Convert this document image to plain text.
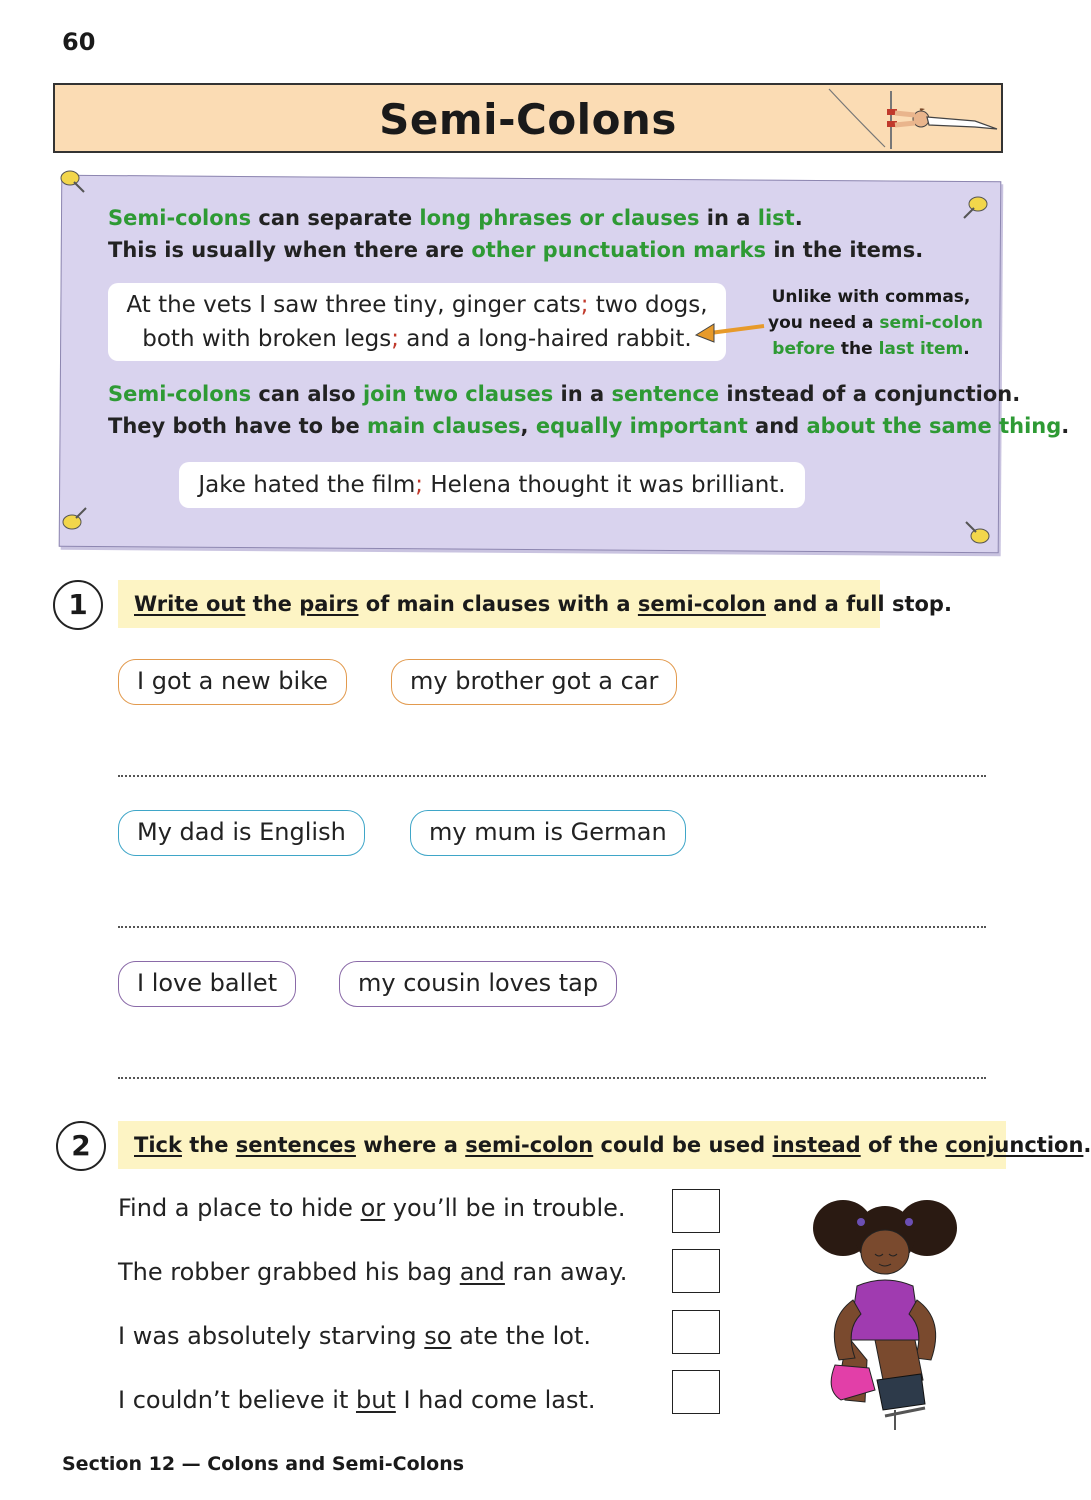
60
Semi-Colons
Semi-colons can separate long phrases or clauses in a list.
This is usually when there are other punctuation marks in the items.
At the vets I saw three tiny, ginger cats; two dogs,
both with broken legs; and a long-haired rabbit.
Unlike with commas,
you need a semi-colon
before the last item.
Semi-colons can also join two clauses in a sentence instead of a conjunction.
They both have to be main clauses, equally important and about the same thing.
Jake hated the film; Helena thought it was brilliant.
Write out the pairs of main clauses with a semi-colon and a full stop.
1
I got a new bike	my brother got a car
My dad is English	my mum is German
I love ballet	my cousin loves tap
Tick the sentences where a semi-colon could be used instead of the conjunction.
2
Find a place to hide or you’ll be in trouble.
The robber grabbed his bag and ran away.
I was absolutely starving so ate the lot.
I couldn’t believe it but I had come last.
Section 12 — Colons and Semi-Colons
